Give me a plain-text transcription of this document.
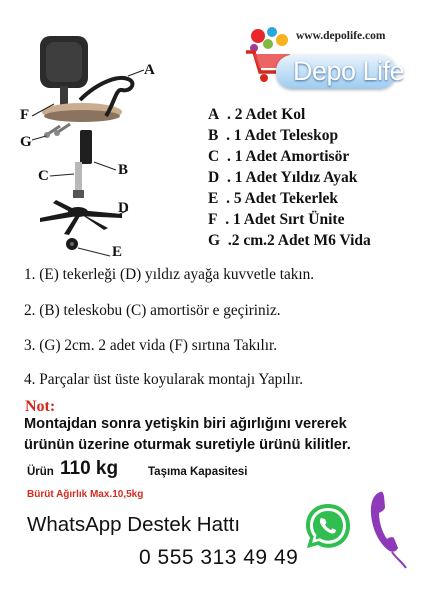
www.depolife.com
Depo Life
A
F
G
B
C
D
E
A . 2 Adet Kol
B . 1 Adet Teleskop
C . 1 Adet Amortisör
D . 1 Adet Yıldız Ayak
E . 5 Adet Tekerlek
F . 1 Adet Sırt Ünite
G .2 cm.2 Adet M6 Vida
1. (E) tekerleği (D) yıldız ayağa kuvvetle takın.
2. (B) teleskobu (C) amortisör e geçiriniz.
3. (G) 2cm. 2 adet vida (F) sırtına Takılır.
4. Parçalar üst üste koyularak montajı Yapılır.
Not:
Montajdan sonra yetişkin biri ağırlığını vererek
ürünün üzerine oturmak suretiyle ürünü kilitler.
Ürün 110 kg	Taşıma Kapasitesi
Bürüt Ağırlık Max.10,5kg
WhatsApp Destek Hattı
0 555 313 49 49
